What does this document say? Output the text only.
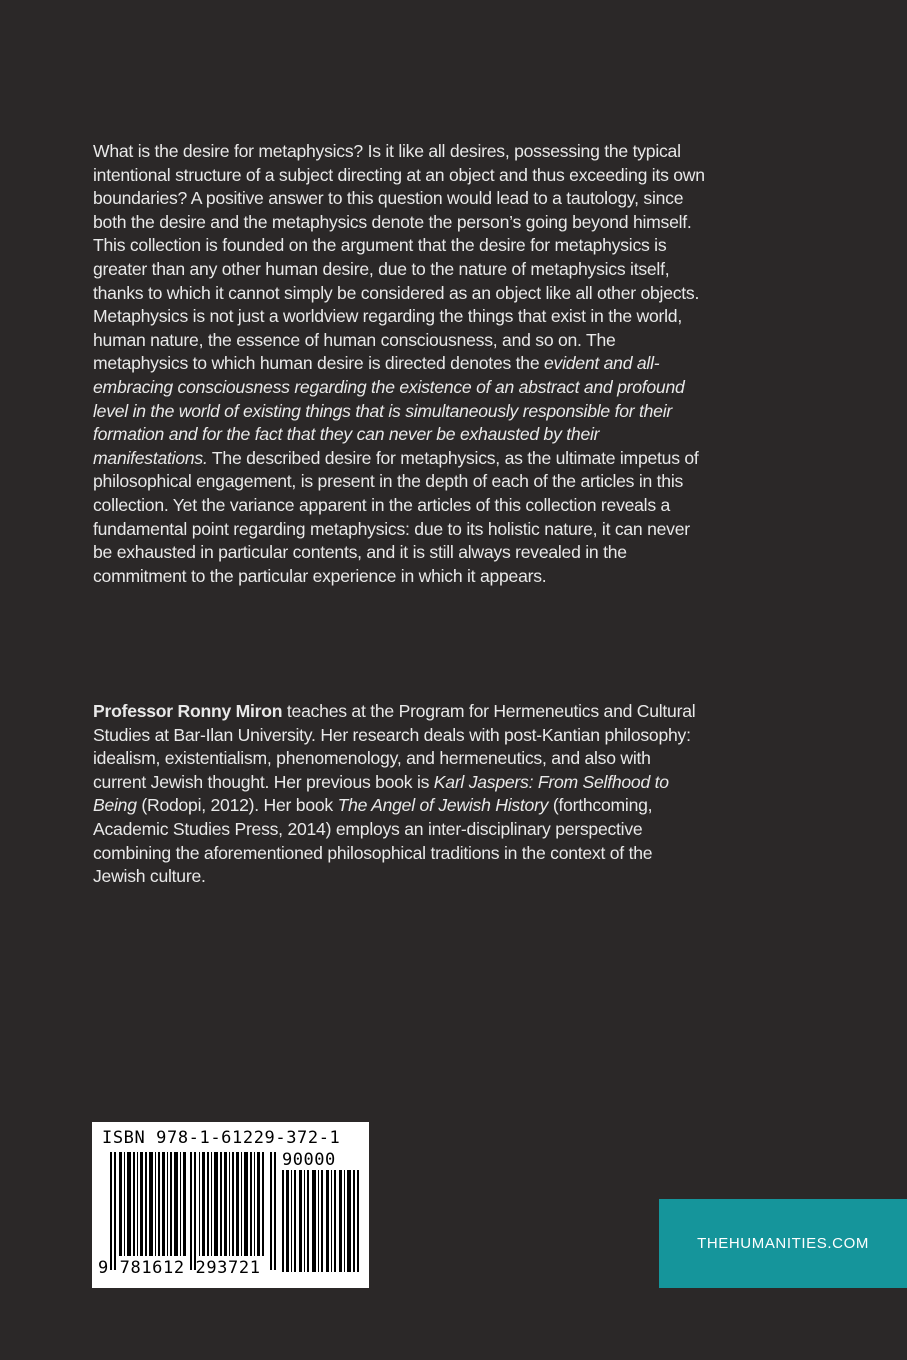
What is the desire for metaphysics? Is it like all desires, possessing the typical intentional structure of a subject directing at an object and thus exceeding its own boundaries? A positive answer to this question would lead to a tautology, since both the desire and the metaphysics denote the person’s going beyond himself. This collection is founded on the argument that the desire for metaphysics is greater than any other human desire, due to the nature of metaphysics itself, thanks to which it cannot simply be considered as an object like all other objects. Metaphysics is not just a worldview regarding the things that exist in the world, human nature, the essence of human consciousness, and so on. The metaphysics to which human desire is directed denotes the evident and all-embracing consciousness regarding the existence of an abstract and profound level in the world of existing things that is simultaneously responsible for their formation and for the fact that they can never be exhausted by their manifestations. The described desire for metaphysics, as the ultimate impetus of philosophical engagement, is present in the depth of each of the articles in this collection. Yet the variance apparent in the articles of this collection reveals a fundamental point regarding metaphysics: due to its holistic nature, it can never be exhausted in particular contents, and it is still always revealed in the commitment to the particular experience in which it appears.

Professor Ronny Miron teaches at the Program for Hermeneutics and Cultural Studies at Bar-Ilan University. Her research deals with post-Kantian philosophy: idealism, existentialism, phenomenology, and hermeneutics, and also with current Jewish thought. Her previous book is Karl Jaspers: From Selfhood to Being (Rodopi, 2012). Her book The Angel of Jewish History (forthcoming, Academic Studies Press, 2014) employs an inter-disciplinary perspective combining the aforementioned philosophical traditions in the context of the Jewish culture.

ISBN 978-1-61229-372-1
90000
9 781612 293721
THEHUMANITIES.COM
